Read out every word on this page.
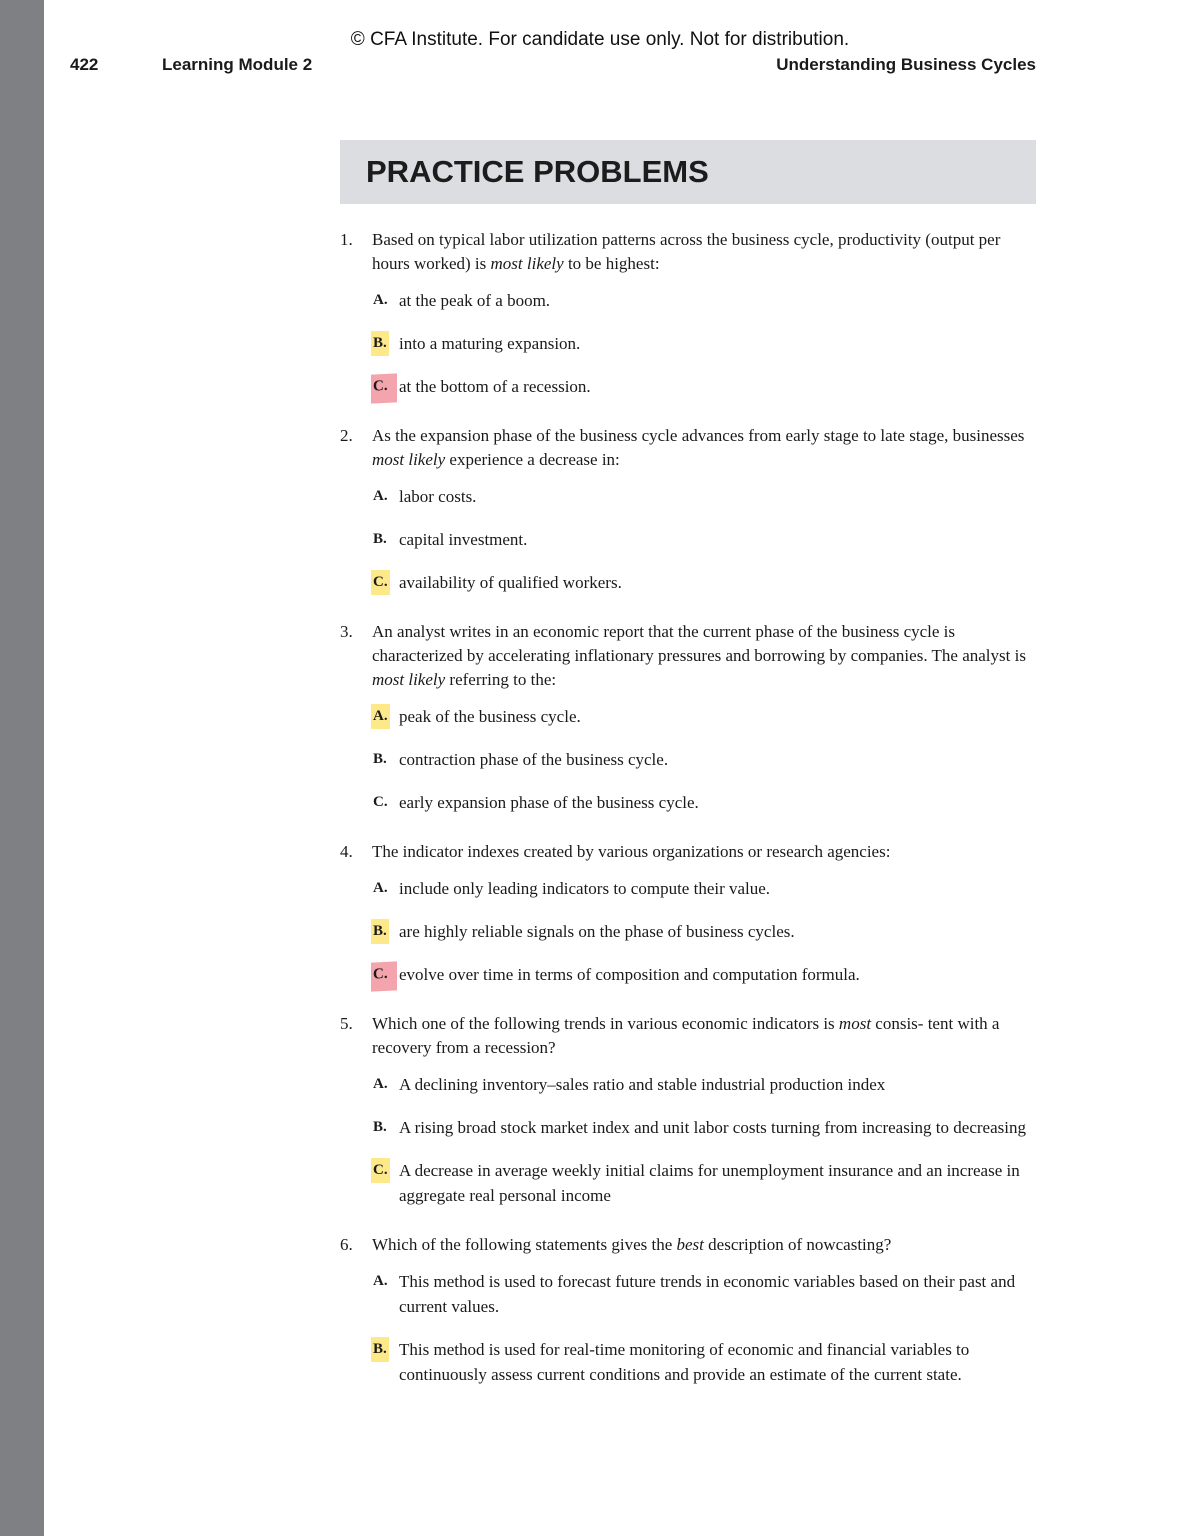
© CFA Institute. For candidate use only. Not for distribution.
422	Learning Module 2	Understanding Business Cycles
PRACTICE PROBLEMS
1. Based on typical labor utilization patterns across the business cycle, productivity (output per hours worked) is most likely to be highest:
A. at the peak of a boom.
B. into a maturing expansion.
C. at the bottom of a recession.
2. As the expansion phase of the business cycle advances from early stage to late stage, businesses most likely experience a decrease in:
A. labor costs.
B. capital investment.
C. availability of qualified workers.
3. An analyst writes in an economic report that the current phase of the business cycle is characterized by accelerating inflationary pressures and borrowing by companies. The analyst is most likely referring to the:
A. peak of the business cycle.
B. contraction phase of the business cycle.
C. early expansion phase of the business cycle.
4. The indicator indexes created by various organizations or research agencies:
A. include only leading indicators to compute their value.
B. are highly reliable signals on the phase of business cycles.
C. evolve over time in terms of composition and computation formula.
5. Which one of the following trends in various economic indicators is most consis- tent with a recovery from a recession?
A. A declining inventory–sales ratio and stable industrial production index
B. A rising broad stock market index and unit labor costs turning from increasing to decreasing
C. A decrease in average weekly initial claims for unemployment insurance and an increase in aggregate real personal income
6. Which of the following statements gives the best description of nowcasting?
A. This method is used to forecast future trends in economic variables based on their past and current values.
B. This method is used for real-time monitoring of economic and financial variables to continuously assess current conditions and provide an estimate of the current state.
